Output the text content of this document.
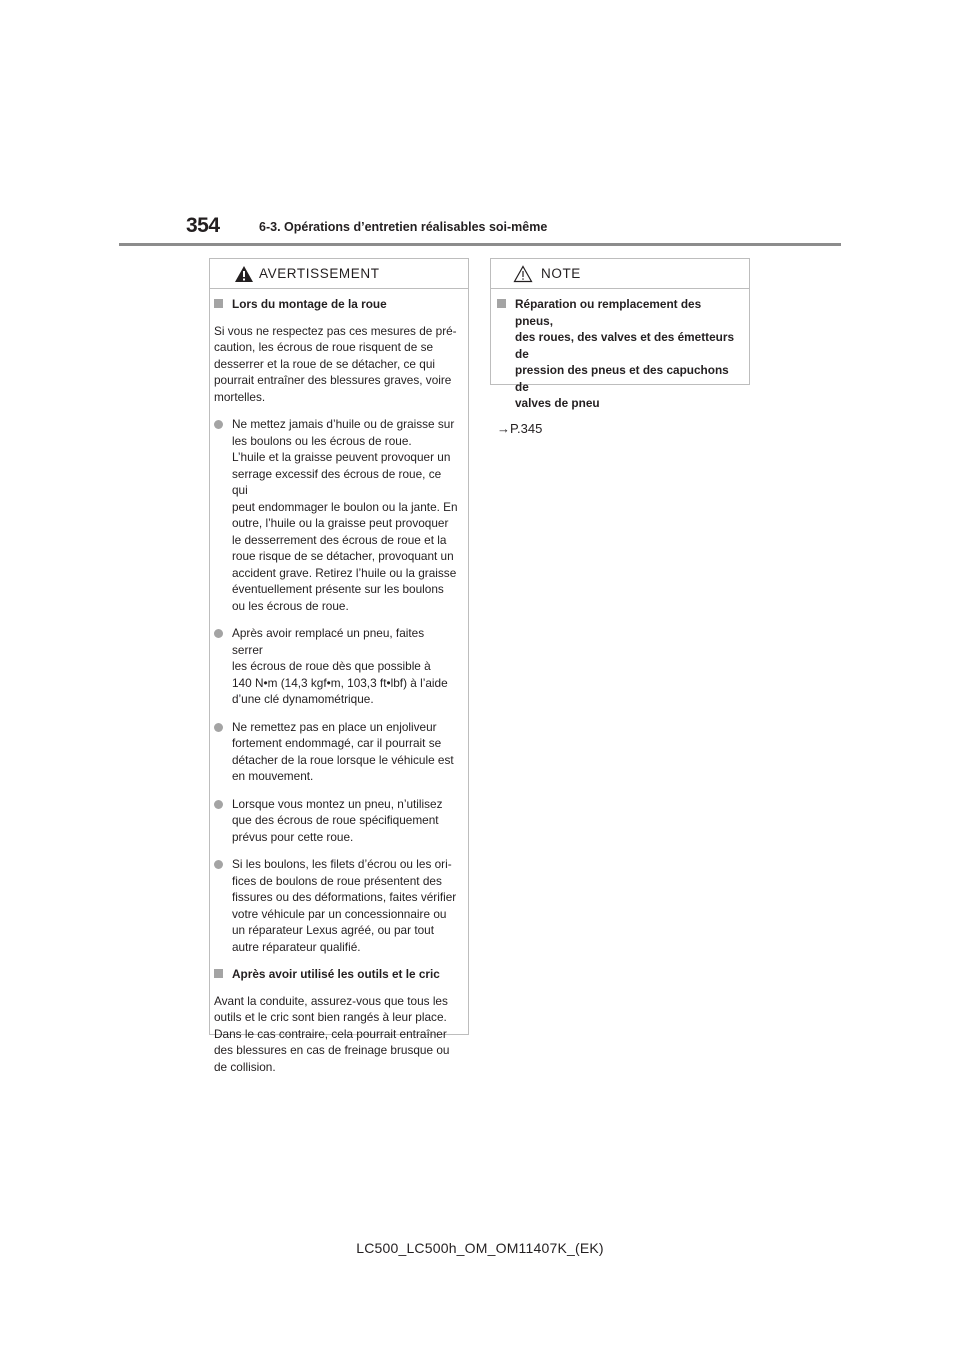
354	6-3. Opérations d’entretien réalisables soi-même
AVERTISSEMENT
Lors du montage de la roue
Si vous ne respectez pas ces mesures de pré-
caution, les écrous de roue risquent de se
desserrer et la roue de se détacher, ce qui
pourrait entraîner des blessures graves, voire
mortelles.
Ne mettez jamais d’huile ou de graisse sur
les boulons ou les écrous de roue.
L’huile et la graisse peuvent provoquer un
serrage excessif des écrous de roue, ce qui
peut endommager le boulon ou la jante. En
outre, l’huile ou la graisse peut provoquer
le desserrement des écrous de roue et la
roue risque de se détacher, provoquant un
accident grave. Retirez l’huile ou la graisse
éventuellement présente sur les boulons
ou les écrous de roue.
Après avoir remplacé un pneu, faites serrer
les écrous de roue dès que possible à
140 N•m (14,3 kgf•m, 103,3 ft•lbf) à l’aide
d’une clé dynamométrique.
Ne remettez pas en place un enjoliveur
fortement endommagé, car il pourrait se
détacher de la roue lorsque le véhicule est
en mouvement.
Lorsque vous montez un pneu, n’utilisez
que des écrous de roue spécifiquement
prévus pour cette roue.
Si les boulons, les filets d’écrou ou les ori-
fices de boulons de roue présentent des
fissures ou des déformations, faites vérifier
votre véhicule par un concessionnaire ou
un réparateur Lexus agréé, ou par tout
autre réparateur qualifié.
Après avoir utilisé les outils et le cric
Avant la conduite, assurez-vous que tous les
outils et le cric sont bien rangés à leur place.
Dans le cas contraire, cela pourrait entraîner
des blessures en cas de freinage brusque ou
de collision.
NOTE
Réparation ou remplacement des pneus,
des roues, des valves et des émetteurs de
pression des pneus et des capuchons de
valves de pneu
→P.345
LC500_LC500h_OM_OM11407K_(EK)
